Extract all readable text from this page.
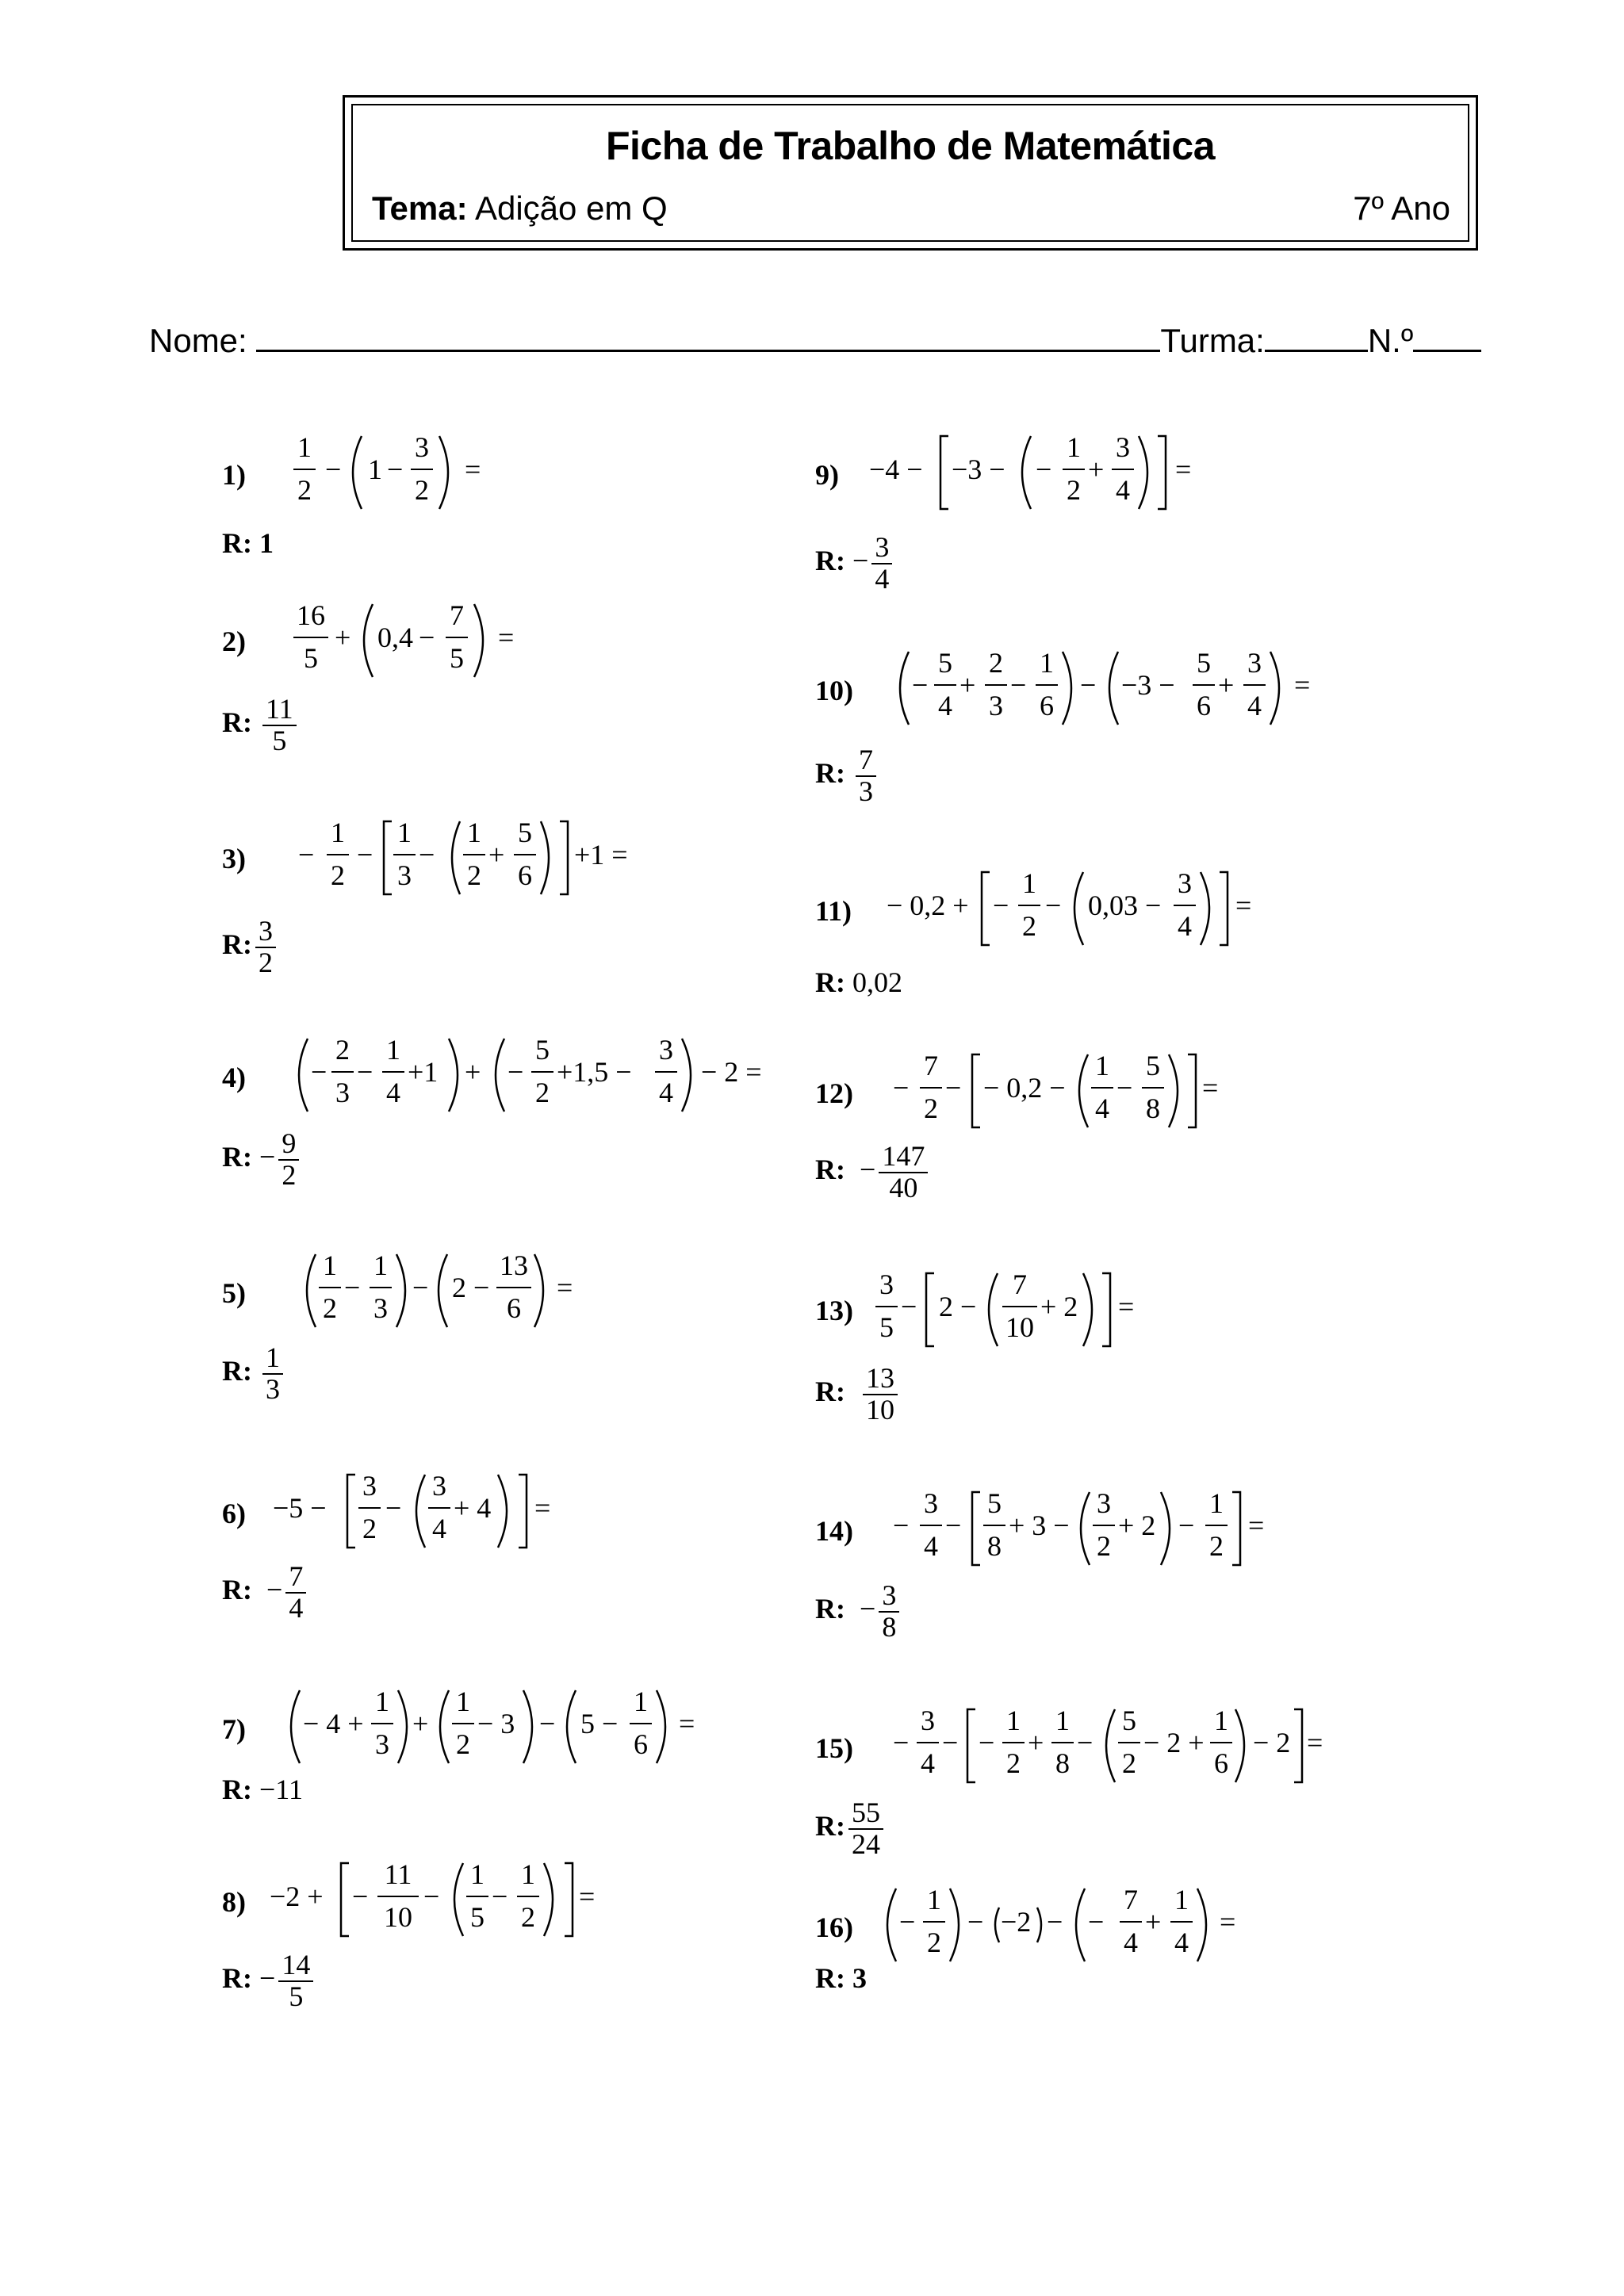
Ficha de Trabalho de Matemática
Tema: Adição em Q	7º Ano
Nome:	Turma:	N.º
1)
2)
3)
4)
5)
6)
7)
8)
9)
10)
11)
12)
13)
14)
15)
16)
1
2
− 1 −
3
2
=
16
5
+ 0,4 −
7
5
=
−
1
2
−
1
3
−
1
2
+
5
6
+1 =
−
2
3
−
1
4
+1 + −
5
2
+1,5 −
3
4
− 2 =
1
2
−
1
3
− 2 −
13
6
=
−5 −
3
2
−
3
4
+ 4 =
− 4 +
1
3
+
1
2
− 3 − 5 −
1
6
=
−2 + −
11
10
−
1
5
−
1
2
=
−4 − −3 − −
1
2
+
3
4
=
−
5
4
+
2
3
−
1
6
− −3 −
5
6
+
3
4
=
− 0,2 + −
1
2
− 0,03 −
3
4
=
−
7
2
− − 0,2 −
1
4
−
5
8
=
3
5
− 2 −
7
10
+ 2 =
−
3
4
−
5
8
+ 3 −
3
2
+ 2 −
1
2
=
−
3
4
− −
1
2
+
1
8
−
5
2
− 2 +
1
6
− 2 =
−
1
2
− −2 − −
7
4
+
1
4
=
R: 1
R: $\frac{11}{5}$
R: $\frac{3}{2}$
R: − $\frac{9}{2}$
R: $\frac{1}{3}$
R:  − $\frac{7}{4}$
R: −11
R: − $\frac{14}{5}$
R: − $\frac{3}{4}$
R: $\frac{7}{3}$
R: 0,02
R:  − $\frac{147}{40}$
R: $\frac{13}{10}$
R:  − $\frac{3}{8}$
R: $\frac{55}{24}$
R: 3
